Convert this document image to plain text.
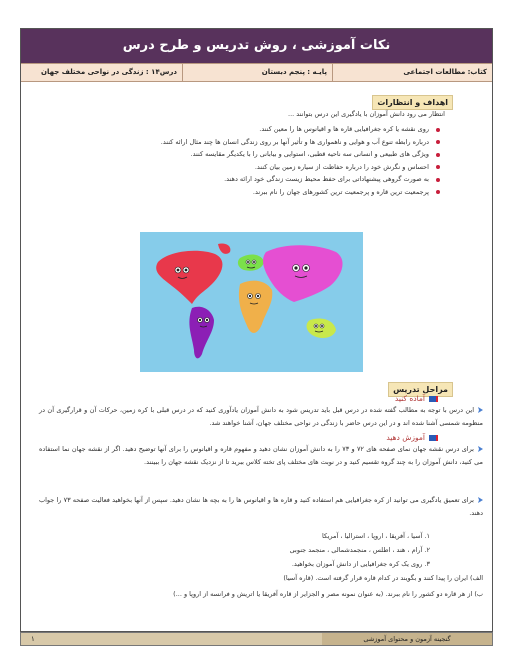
نکات آموزشی ، روش تدریس و طرح درس
کتاب: مطالعات اجتماعی
پایـه : پنجم دبستان
درس۱۴ : زندگی در نواحی مختلف جهان
اهداف و انتظارات
انتظار می رود دانش آموزان با یادگیری این درس بتوانند ...
روی نقشه یا کره جغرافیایی قاره ها و اقیانوس ها را معین کنند.
درباره رابطه تنوع آب و هوایی و ناهمواری ها و تأثیر آنها بر روی زندگی انسان ها چند مثال ارائه کنند.
ویژگی های طبیعی و انسانی سه ناحیه قطبی، استوایی و بیابانی را با یکدیگر مقایسه کنند.
احساس و نگرش خود را درباره حفاظت از سیاره زمین بیان کنند.
به صورت گروهی پیشنهاداتی برای حفظ محیط زیست زندگی خود ارائه دهند.
پرجمعیت ترین قاره و پرجمعیت ترین کشورهای جهان را نام ببرند.
مراحل تدریس
آماده کنید
این درس با توجه به مطالب گفته شده در درس قبل باید تدریس شود به دانش آموزان یادآوری کنید که در درس قبلی با کره زمین، حرکات آن و قرارگیری آن در منظومه شمسی آشنا شده اند و در این درس حاضر با زندگی در نواحی مختلف جهان، آشنا خواهند شد.
آموزش دهید
برای درس نقشه جهان نمای صفحه های ۷۲ و ۷۳ را به دانش آموزان نشان دهید و مفهوم قاره و اقیانوس را برای آنها توضیح دهید. اگر از نقشه جهان نما استفاده می کنید، دانش آموزان را به چند گروه تقسیم کنید و در نوبت های مختلف پای تخته کلاس ببرید تا از نزدیک نقشه جهان را ببینند.
برای تعمیق یادگیری می توانید از کره جغرافیایی هم استفاده کنید و قاره ها و اقیانوس ها را به بچه ها نشان دهید. سپس از آنها بخواهید فعالیت صفحه ۷۳ را جواب دهند.
۱. آسیا ، آفریقا ، اروپا ، استرالیا ، آمریکا
۲. آرام ، هند ، اطلس ، منجمدشمالی ، منجمد جنوبی
۳. روی یک کره جغرافیایی از دانش آموزان بخواهید.
الف) ایران را پیدا کنند و بگویند در کدام قاره قرار گرفته است. (قاره آسیا)
ب) از هر قاره دو کشور را نام ببرند. (به عنوان نمونه مصر و الجزایر از قاره آفریقا یا اتریش و فرانسه از اروپا و ...)
گنجینه آزمون و محتوای آموزشی
۱
